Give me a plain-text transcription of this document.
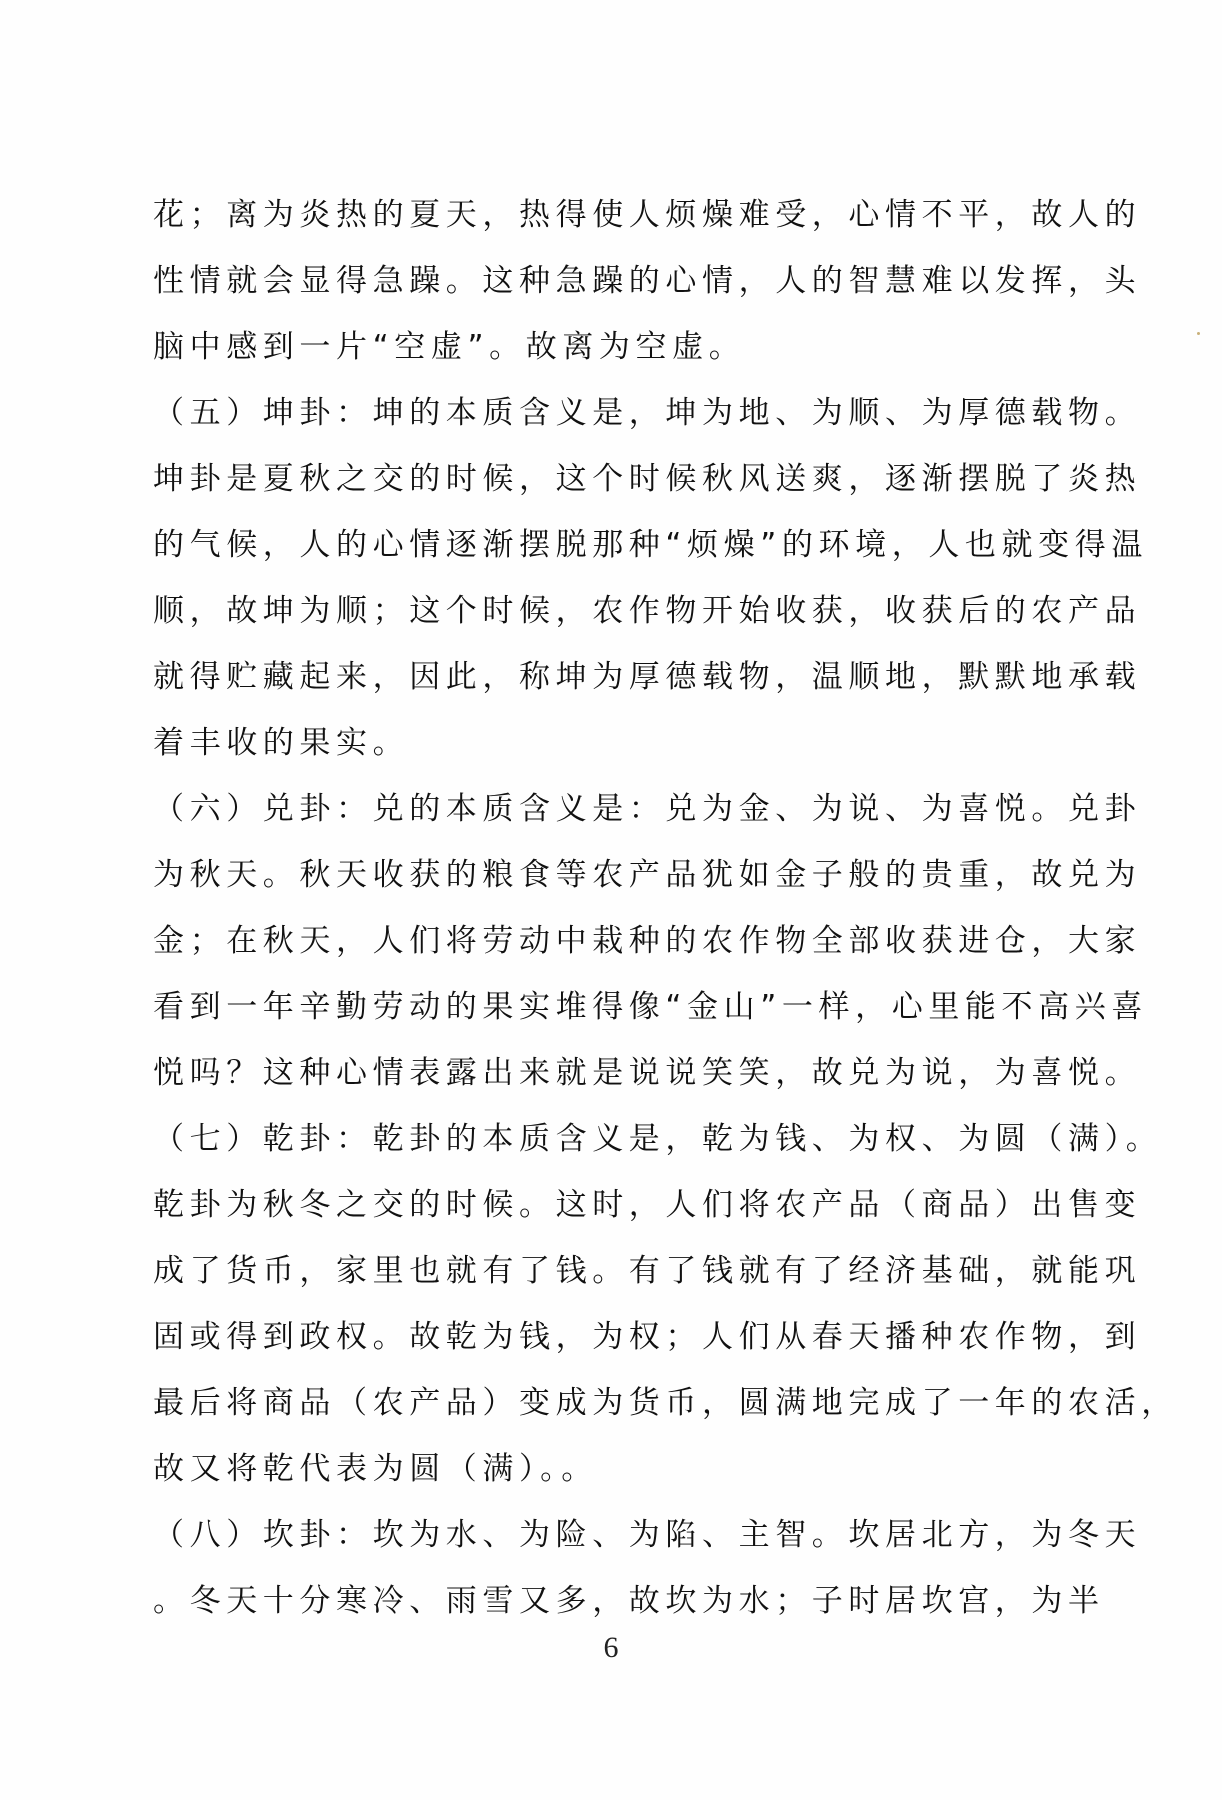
花；离为炎热的夏天，热得使人烦燥难受，心情不平，故人的
性情就会显得急躁。这种急躁的心情，人的智慧难以发挥，头
脑中感到一片“空虚”。故离为空虚。
（五）坤卦：坤的本质含义是，坤为地、为顺、为厚德载物。
坤卦是夏秋之交的时候，这个时候秋风送爽，逐渐摆脱了炎热
的气候，人的心情逐渐摆脱那种“烦燥”的环境，人也就变得温
顺，故坤为顺；这个时候，农作物开始收获，收获后的农产品
就得贮藏起来，因此，称坤为厚德载物，温顺地，默默地承载
着丰收的果实。
（六）兑卦：兑的本质含义是：兑为金、为说、为喜悦。兑卦
为秋天。秋天收获的粮食等农产品犹如金子般的贵重，故兑为
金；在秋天，人们将劳动中栽种的农作物全部收获进仓，大家
看到一年辛勤劳动的果实堆得像“金山”一样，心里能不高兴喜
悦吗？这种心情表露出来就是说说笑笑，故兑为说，为喜悦。
（七）乾卦：乾卦的本质含义是，乾为钱、为权、为圆（满）。
乾卦为秋冬之交的时候。这时，人们将农产品（商品）出售变
成了货币，家里也就有了钱。有了钱就有了经济基础，就能巩
固或得到政权。故乾为钱，为权；人们从春天播种农作物，到
最后将商品（农产品）变成为货币，圆满地完成了一年的农活，
故又将乾代表为圆（满）。。
（八）坎卦：坎为水、为险、为陷、主智。坎居北方，为冬天
。冬天十分寒冷、雨雪又多，故坎为水；子时居坎宫，为半
6
